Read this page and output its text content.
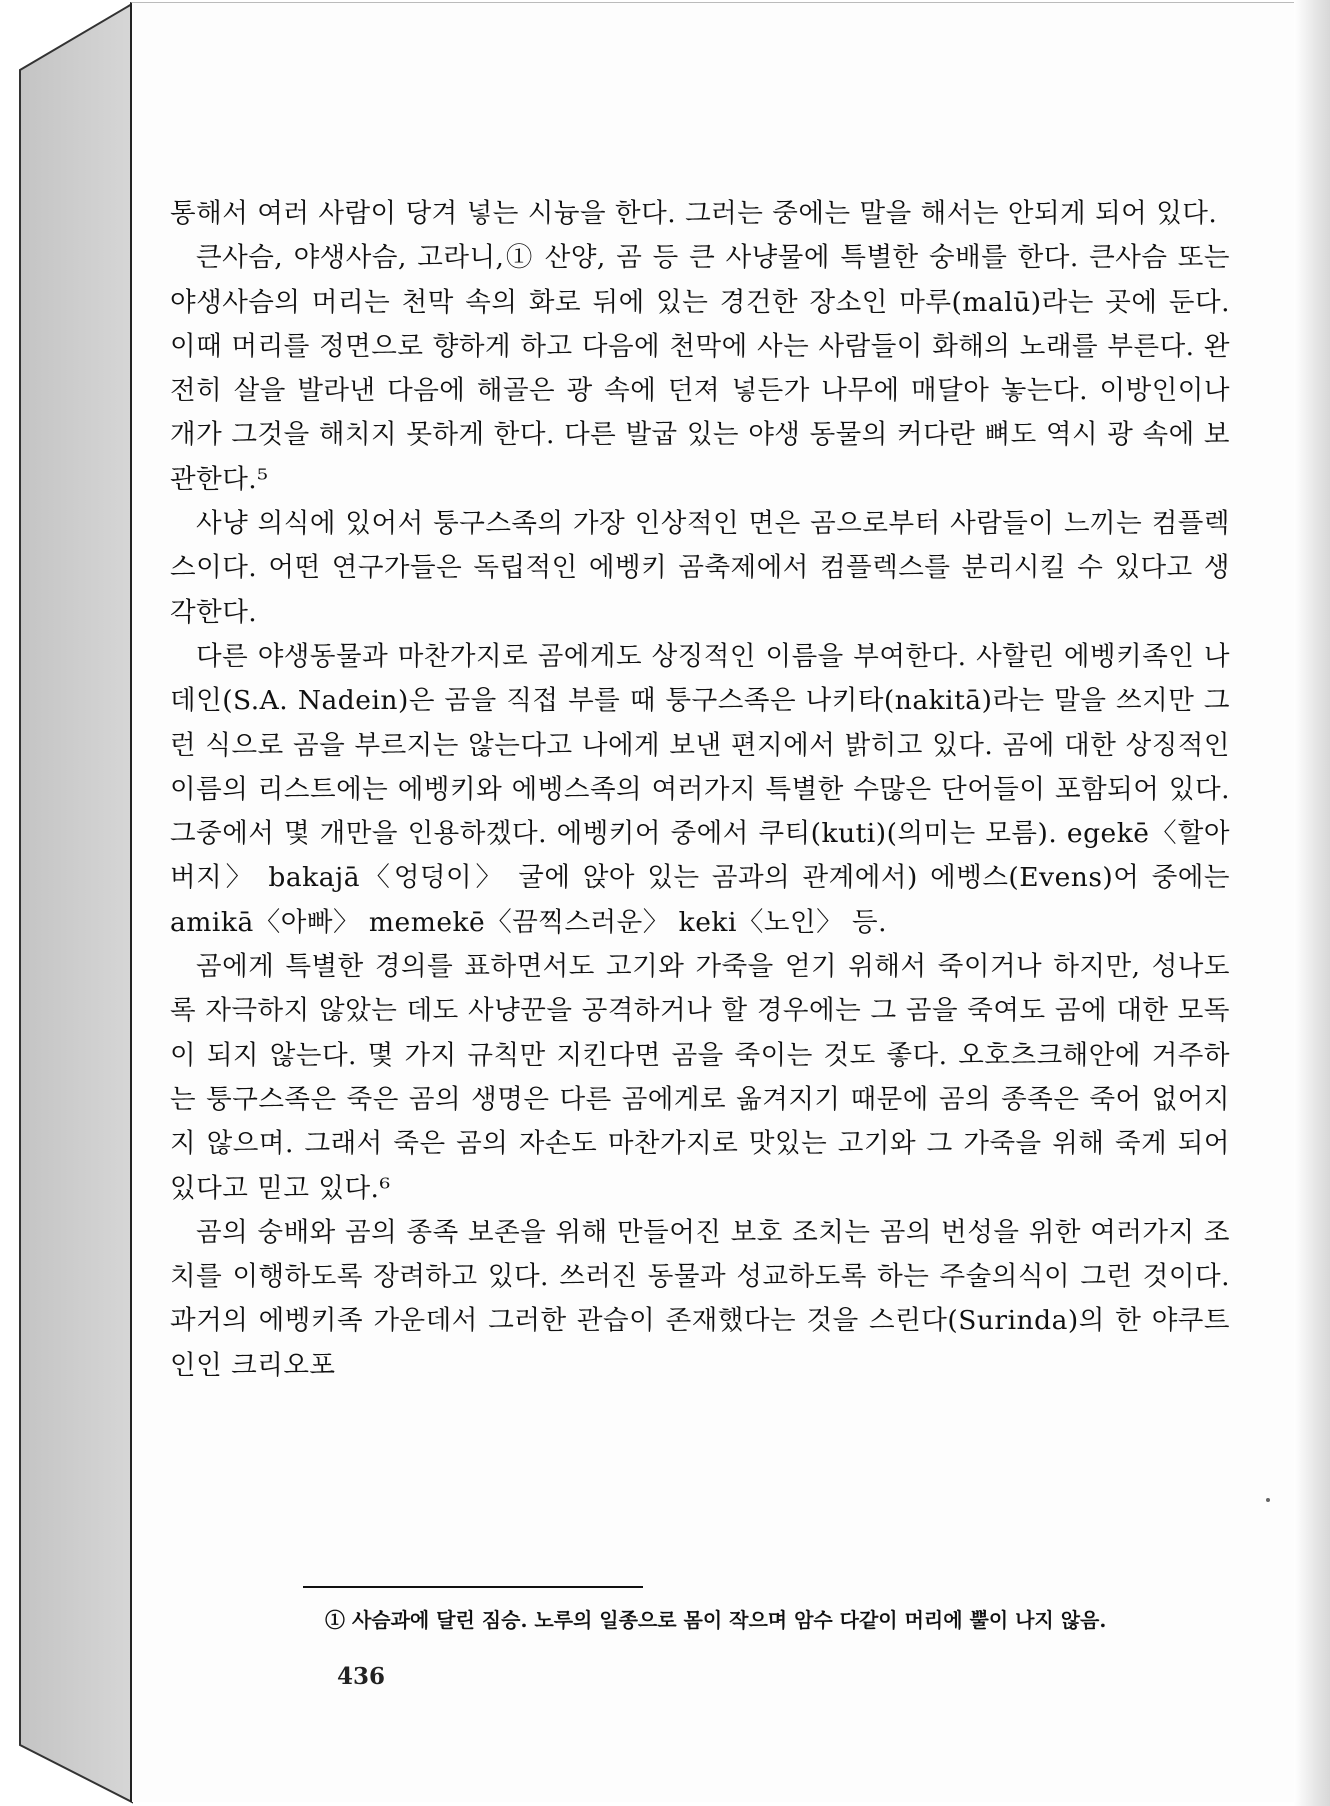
통해서 여러 사람이 당겨 넣는 시늉을 한다. 그러는 중에는 말을 해서는 안되게 되어 있다.

큰사슴, 야생사슴, 고라니,① 산양, 곰 등 큰 사냥물에 특별한 숭배를 한다. 큰사슴 또는 야생사슴의 머리는 천막 속의 화로 뒤에 있는 경건한 장소인 마루(malū)라는 곳에 둔다. 이때 머리를 정면으로 향하게 하고 다음에 천막에 사는 사람들이 화해의 노래를 부른다. 완전히 살을 발라낸 다음에 해골은 광 속에 던져 넣든가 나무에 매달아 놓는다. 이방인이나 개가 그것을 해치지 못하게 한다. 다른 발굽 있는 야생 동물의 커다란 뼈도 역시 광 속에 보관한다.⁵

사냥 의식에 있어서 퉁구스족의 가장 인상적인 면은 곰으로부터 사람들이 느끼는 컴플렉스이다. 어떤 연구가들은 독립적인 에벵키 곰축제에서 컴플렉스를 분리시킬 수 있다고 생각한다.

다른 야생동물과 마찬가지로 곰에게도 상징적인 이름을 부여한다. 사할린 에벵키족인 나데인(S.A. Nadein)은 곰을 직접 부를 때 퉁구스족은 나키타(nakitā)라는 말을 쓰지만 그런 식으로 곰을 부르지는 않는다고 나에게 보낸 편지에서 밝히고 있다. 곰에 대한 상징적인 이름의 리스트에는 에벵키와 에벵스족의 여러가지 특별한 수많은 단어들이 포함되어 있다. 그중에서 몇 개만을 인용하겠다. 에벵키어 중에서 쿠티(kuti)(의미는 모름). egekē〈할아버지〉 bakajā〈엉덩이〉 굴에 앉아 있는 곰과의 관계에서) 에벵스(Evens)어 중에는 amikā〈아빠〉 memekē〈끔찍스러운〉 keki〈노인〉 등.

곰에게 특별한 경의를 표하면서도 고기와 가죽을 얻기 위해서 죽이거나 하지만, 성나도록 자극하지 않았는 데도 사냥꾼을 공격하거나 할 경우에는 그 곰을 죽여도 곰에 대한 모독이 되지 않는다. 몇 가지 규칙만 지킨다면 곰을 죽이는 것도 좋다. 오호츠크해안에 거주하는 퉁구스족은 죽은 곰의 생명은 다른 곰에게로 옮겨지기 때문에 곰의 종족은 죽어 없어지지 않으며. 그래서 죽은 곰의 자손도 마찬가지로 맛있는 고기와 그 가죽을 위해 죽게 되어 있다고 믿고 있다.⁶

곰의 숭배와 곰의 종족 보존을 위해 만들어진 보호 조치는 곰의 번성을 위한 여러가지 조치를 이행하도록 장려하고 있다. 쓰러진 동물과 성교하도록 하는 주술의식이 그런 것이다. 과거의 에벵키족 가운데서 그러한 관습이 존재했다는 것을 스린다(Surinda)의 한 야쿠트인인 크리오포

① 사슴과에 달린 짐승. 노루의 일종으로 몸이 작으며 암수 다같이 머리에 뿔이 나지 않음.
436
